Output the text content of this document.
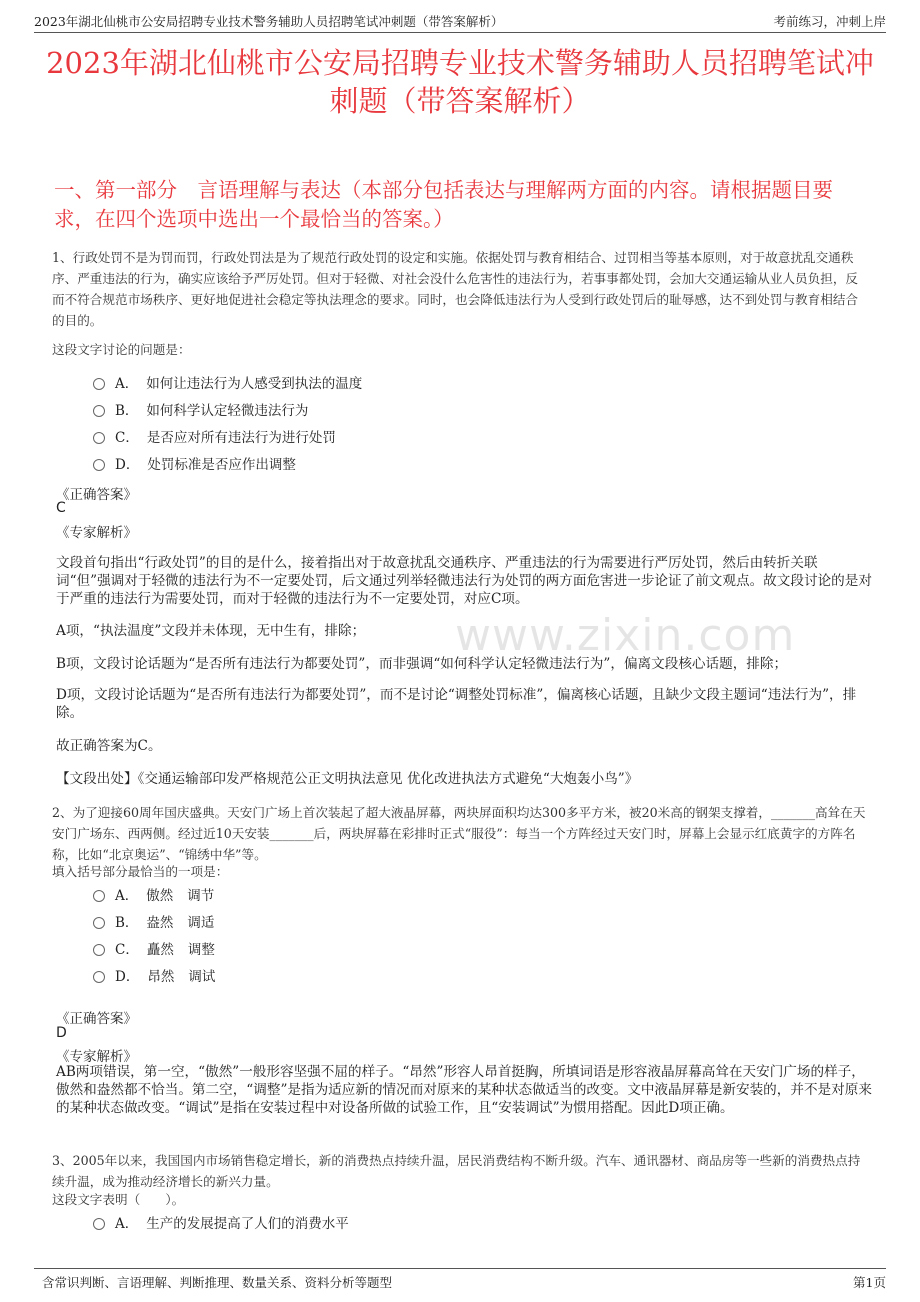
2023年湖北仙桃市公安局招聘专业技术警务辅助人员招聘笔试冲刺题（带答案解析）	考前练习，冲刺上岸
2023年湖北仙桃市公安局招聘专业技术警务辅助人员招聘笔试冲刺题（带答案解析）
一、第一部分　言语理解与表达（本部分包括表达与理解两方面的内容。请根据题目要求，在四个选项中选出一个最恰当的答案。）
1、行政处罚不是为罚而罚，行政处罚法是为了规范行政处罚的设定和实施。依据处罚与教育相结合、过罚相当等基本原则，对于故意扰乱交通秩序、严重违法的行为，确实应该给予严厉处罚。但对于轻微、对社会没什么危害性的违法行为，若事事都处罚，会加大交通运输从业人员负担，反而不符合规范市场秩序、更好地促进社会稳定等执法理念的要求。同时，也会降低违法行为人受到行政处罚后的耻辱感，达不到处罚与教育相结合的目的。
这段文字讨论的问题是：
A． 如何让违法行为人感受到执法的温度
B． 如何科学认定轻微违法行为
C． 是否应对所有违法行为进行处罚
D． 处罚标准是否应作出调整
《正确答案》
C
《专家解析》
文段首句指出“行政处罚”的目的是什么，接着指出对于故意扰乱交通秩序、严重违法的行为需要进行严厉处罚，然后由转折关联词“但”强调对于轻微的违法行为不一定要处罚，后文通过列举轻微违法行为处罚的两方面危害进一步论证了前文观点。故文段讨论的是对于严重的违法行为需要处罚，而对于轻微的违法行为不一定要处罚，对应C项。
A项，“执法温度”文段并未体现，无中生有，排除；
B项，文段讨论话题为“是否所有违法行为都要处罚”，而非强调“如何科学认定轻微违法行为”，偏离文段核心话题，排除；
D项，文段讨论话题为“是否所有违法行为都要处罚”，而不是讨论“调整处罚标准”，偏离核心话题，且缺少文段主题词“违法行为”，排除。
故正确答案为C。
【文段出处】《交通运输部印发严格规范公正文明执法意见 优化改进执法方式避免“大炮轰小鸟”》
2、为了迎接60周年国庆盛典。天安门广场上首次装起了超大液晶屏幕，两块屏面积均达300多平方米，被20米高的钢架支撑着，_______高耸在天安门广场东、西两侧。经过近10天安装_______后，两块屏幕在彩排时正式“服役”：每当一个方阵经过天安门时，屏幕上会显示红底黄字的方阵名称，比如“北京奥运”、“锦绣中华”等。
填入括号部分最恰当的一项是：
A． 傲然 调节
B． 盎然 调适
C． 矗然 调整
D． 昂然 调试
《正确答案》
D
《专家解析》
AB两项错误，第一空，“傲然”一般形容坚强不屈的样子。“昂然”形容人昂首挺胸，所填词语是形容液晶屏幕高耸在天安门广场的样子，傲然和盎然都不恰当。第二空，“调整”是指为适应新的情况而对原来的某种状态做适当的改变。文中液晶屏幕是新安装的，并不是对原来的某种状态做改变。“调试”是指在安装过程中对设备所做的试验工作，且“安装调试”为惯用搭配。因此D项正确。
3、2005年以来，我国国内市场销售稳定增长，新的消费热点持续升温，居民消费结构不断升级。汽车、通讯器材、商品房等一些新的消费热点持续升温，成为推动经济增长的新兴力量。
这段文字表明（　　）。
A． 生产的发展提高了人们的消费水平
www.zixin.com
含常识判断、言语理解、判断推理、数量关系、资料分析等题型	第1页
